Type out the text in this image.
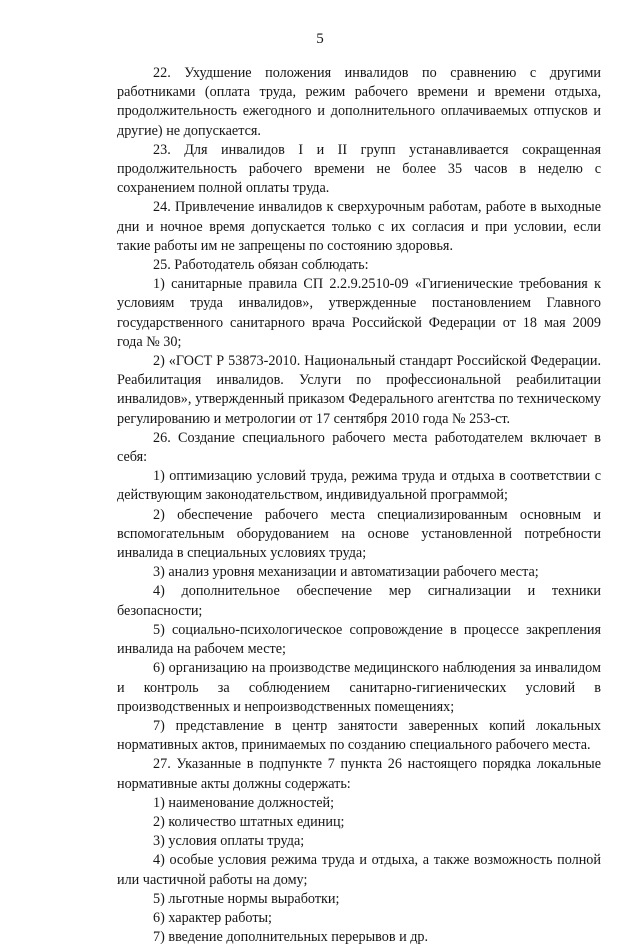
5

22. Ухудшение положения инвалидов по сравнению с другими работниками (оплата труда, режим рабочего времени и времени отдыха, продолжительность ежегодного и дополнительного оплачиваемых отпусков и другие) не допускается.

23. Для инвалидов I и II групп устанавливается сокращенная продолжительность рабочего времени не более 35 часов в неделю с сохранением полной оплаты труда.

24. Привлечение инвалидов к сверхурочным работам, работе в выходные дни и ночное время допускается только с их согласия и при условии, если такие работы им не запрещены по состоянию здоровья.

25. Работодатель обязан соблюдать:

1) санитарные правила СП 2.2.9.2510-09 «Гигиенические требования к условиям труда инвалидов», утвержденные постановлением Главного государственного санитарного врача Российской Федерации от 18 мая 2009 года № 30;

2) «ГОСТ Р 53873-2010. Национальный стандарт Российской Федерации. Реабилитация инвалидов. Услуги по профессиональной реабилитации инвалидов», утвержденный приказом Федерального агентства по техническому регулированию и метрологии от 17 сентября 2010 года № 253-ст.

26. Создание специального рабочего места работодателем включает в себя:

1) оптимизацию условий труда, режима труда и отдыха в соответствии с действующим законодательством, индивидуальной программой;

2) обеспечение рабочего места специализированным основным и вспомогательным оборудованием на основе установленной потребности инвалида в специальных условиях труда;

3) анализ уровня механизации и автоматизации рабочего места;

4) дополнительное обеспечение мер сигнализации и техники безопасности;

5) социально-психологическое сопровождение в процессе закрепления инвалида на рабочем месте;

6) организацию на производстве медицинского наблюдения за инвалидом и контроль за соблюдением санитарно-гигиенических условий в производственных и непроизводственных помещениях;

7) представление в центр занятости заверенных копий локальных нормативных актов, принимаемых по созданию специального рабочего места.

27. Указанные в подпункте 7 пункта 26 настоящего порядка локальные нормативные акты должны содержать:

1) наименование должностей;

2) количество штатных единиц;

3) условия оплаты труда;

4) особые условия режима труда и отдыха, а также возможность полной или частичной работы на дому;

5) льготные нормы выработки;

6) характер работы;

7) введение дополнительных перерывов и др.
